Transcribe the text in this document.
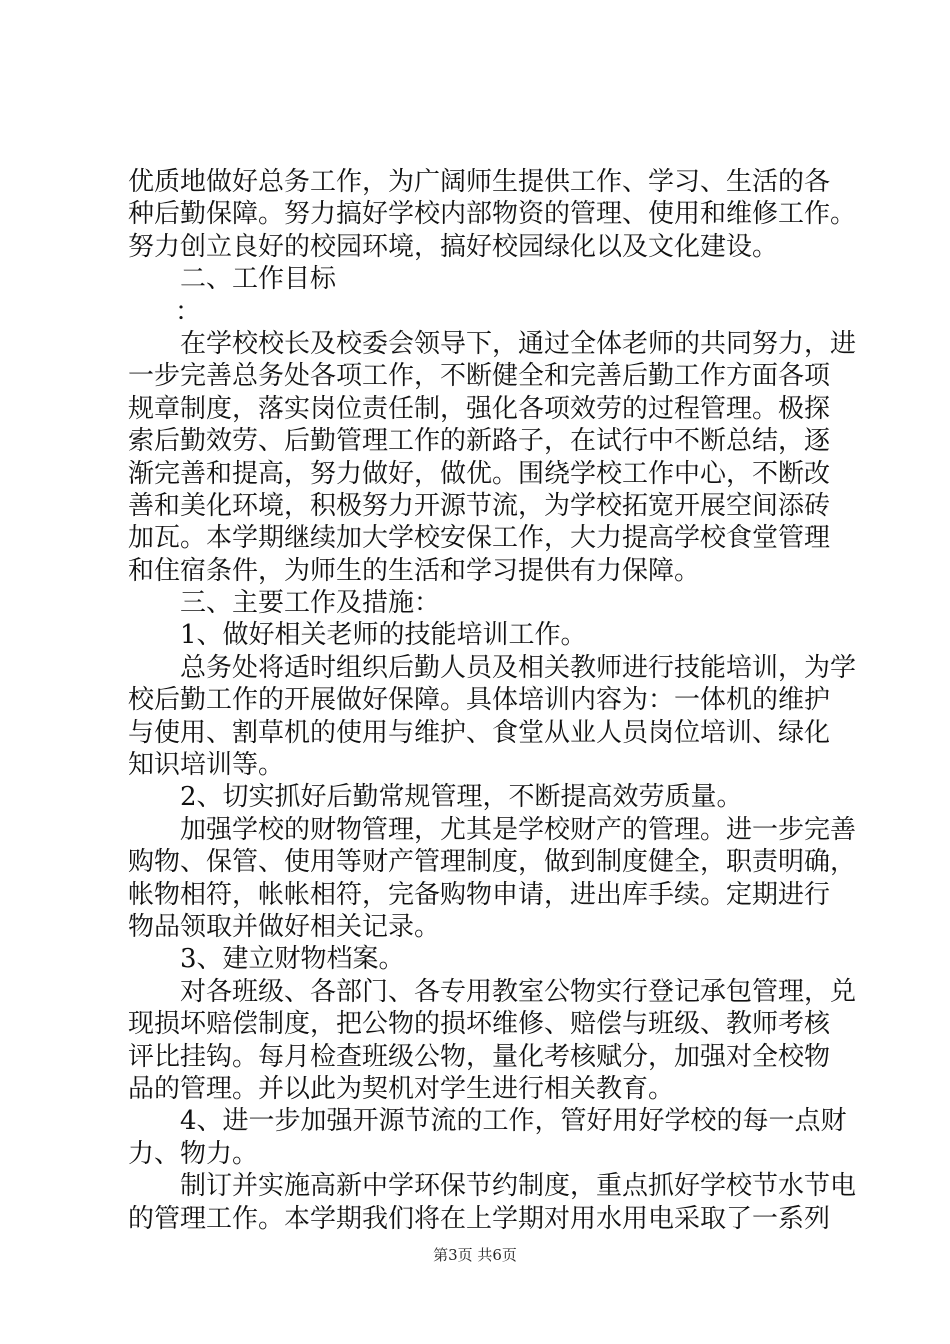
优质地做好总务工作，为广阔师生提供工作、学习、生活的各
种后勤保障。努力搞好学校内部物资的管理、使用和维修工作。
努力创立良好的校园环境，搞好校园绿化以及文化建设。
二、工作目标
：
在学校校长及校委会领导下，通过全体老师的共同努力，进
一步完善总务处各项工作，不断健全和完善后勤工作方面各项
规章制度，落实岗位责任制，强化各项效劳的过程管理。极探
索后勤效劳、后勤管理工作的新路子，在试行中不断总结，逐
渐完善和提高，努力做好，做优。围绕学校工作中心，不断改
善和美化环境，积极努力开源节流，为学校拓宽开展空间添砖
加瓦。本学期继续加大学校安保工作，大力提高学校食堂管理
和住宿条件，为师生的生活和学习提供有力保障。
三、主要工作及措施：
1、做好相关老师的技能培训工作。
总务处将适时组织后勤人员及相关教师进行技能培训，为学
校后勤工作的开展做好保障。具体培训内容为：一体机的维护
与使用、割草机的使用与维护、食堂从业人员岗位培训、绿化
知识培训等。
2、切实抓好后勤常规管理，不断提高效劳质量。
加强学校的财物管理，尤其是学校财产的管理。进一步完善
购物、保管、使用等财产管理制度，做到制度健全，职责明确，
帐物相符，帐帐相符，完备购物申请，进出库手续。定期进行
物品领取并做好相关记录。
3、建立财物档案。
对各班级、各部门、各专用教室公物实行登记承包管理，兑
现损坏赔偿制度，把公物的损坏维修、赔偿与班级、教师考核
评比挂钩。每月检查班级公物，量化考核赋分，加强对全校物
品的管理。并以此为契机对学生进行相关教育。
4、进一步加强开源节流的工作，管好用好学校的每一点财
力、物力。
制订并实施高新中学环保节约制度，重点抓好学校节水节电
的管理工作。本学期我们将在上学期对用水用电采取了一系列
第3页 共6页
